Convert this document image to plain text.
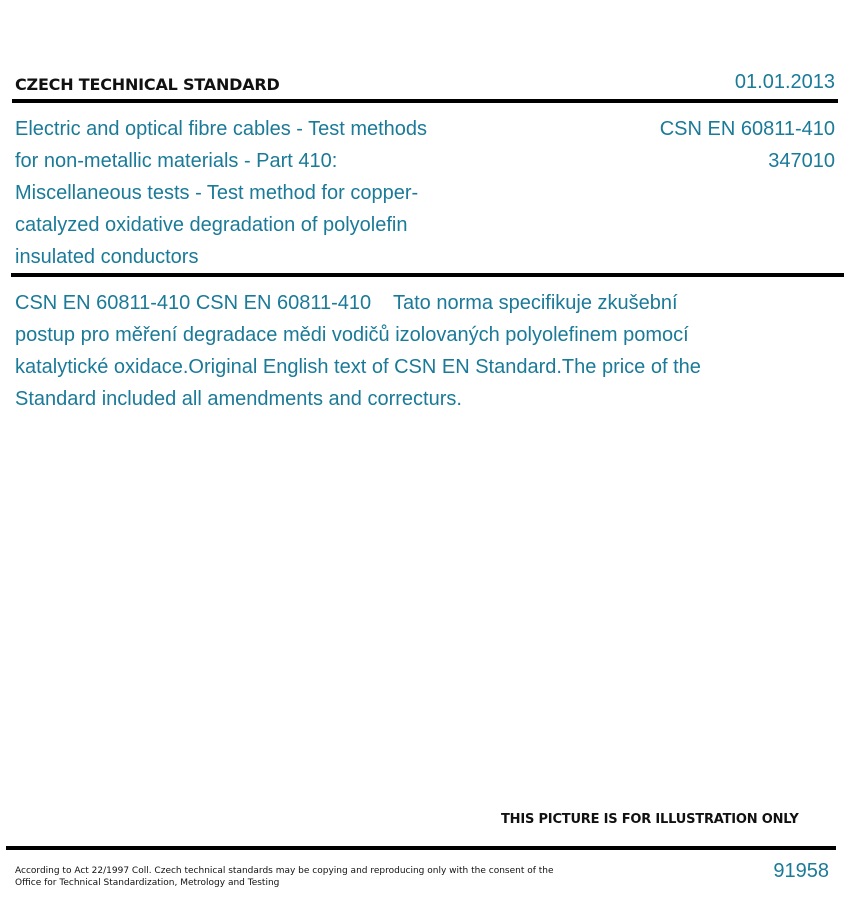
CZECH TECHNICAL STANDARD	01.01.2013

Electric and optical fibre cables - Test methods for non-metallic materials - Part 410: Miscellaneous tests - Test method for copper-catalyzed oxidative degradation of polyolefin insulated conductors

CSN EN 60811-410
347010

CSN EN 60811-410 CSN EN 60811-410    Tato norma specifikuje zkušební postup pro měření degradace mědi vodičů izolovaných polyolefinem pomocí katalytické oxidace.Original English text of CSN EN Standard.The price of the Standard included all amendments and correcturs.

THIS PICTURE IS FOR ILLUSTRATION ONLY

According to Act 22/1997 Coll. Czech technical standards may be copying and reproducing only with the consent of the Office for Technical Standardization, Metrology and Testing

91958
